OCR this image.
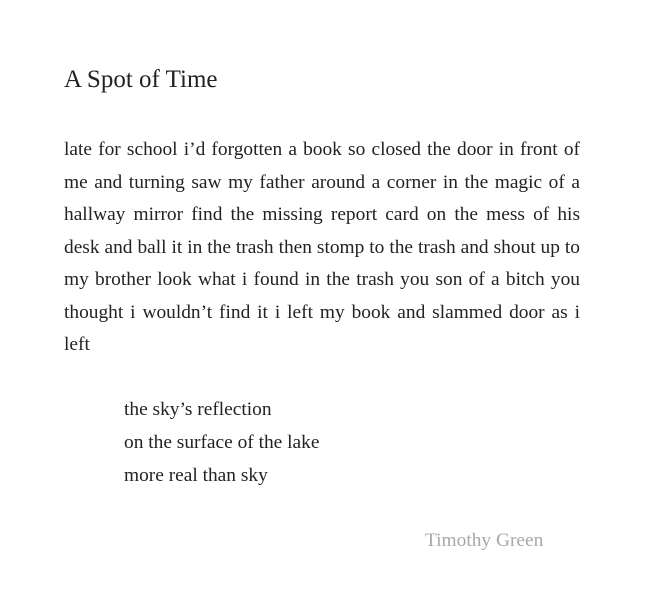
A Spot of Time

late for school i’d forgotten a book so closed the door in front of me and turning saw my father around a corner in the magic of a hallway mirror find the missing report card on the mess of his desk and ball it in the trash then stomp to the trash and shout up to my brother look what i found in the trash you son of a bitch you thought i wouldn’t find it i left my book and slammed door as i left

the sky’s reflection
on the surface of the lake
more real than sky
Timothy Green
